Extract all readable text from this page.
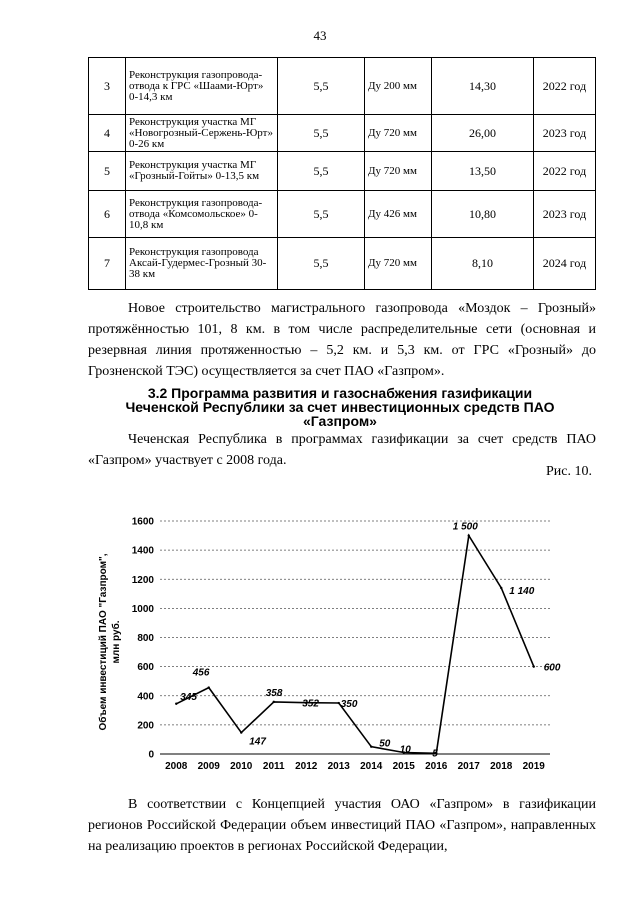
43
3	Реконструкция газопровода-отвода к ГРС «Шаами-Юрт» 0-14,3 км	5,5	Ду 200 мм	14,30	2022 год
4	Реконструкция участка МГ «Новогрозный-Сержень-Юрт» 0-26 км	5,5	Ду 720 мм	26,00	2023 год
5	Реконструкция участка МГ «Грозный-Гойты» 0-13,5 км	5,5	Ду 720 мм	13,50	2022 год
6	Реконструкция газопровода-отвода «Комсомольское» 0-10,8 км	5,5	Ду 426 мм	10,80	2023 год
7	Реконструкция газопровода Аксай-Гудермес-Грозный 30-38 км	5,5	Ду 720 мм	8,10	2024 год
Новое строительство магистрального газопровода «Моздок – Грозный» протяжённостью 101, 8 км. в том числе распределительные сети (основная и резервная линия протяженностью – 5,2 км. и 5,3 км. от ГРС «Грозный» до Грозненской ТЭС) осуществляется за счет ПАО «Газпром».
3.2 Программа развития и газоснабжения газификации Чеченской Республики за счет инвестиционных средств ПАО «Газпром»
Чеченская Республика в программах газификации за счет средств ПАО «Газпром» участвует с 2008 года.
Рис. 10.
0
200
400
600
800
1000
1200
1400
1600
2008 2009 2010 2011 2012 2013 2014 2015 2016 2017 2018 2019
345
456
147
358
352 350
50
10 5
1 500
1 140
600
Объем инвестиций ПАО "Газпром", млн руб.
В соответствии с Концепцией участия ОАО «Газпром» в газификации регионов Российской Федерации объем инвестиций ПАО «Газпром», направленных на реализацию проектов в регионах Российской Федерации,
